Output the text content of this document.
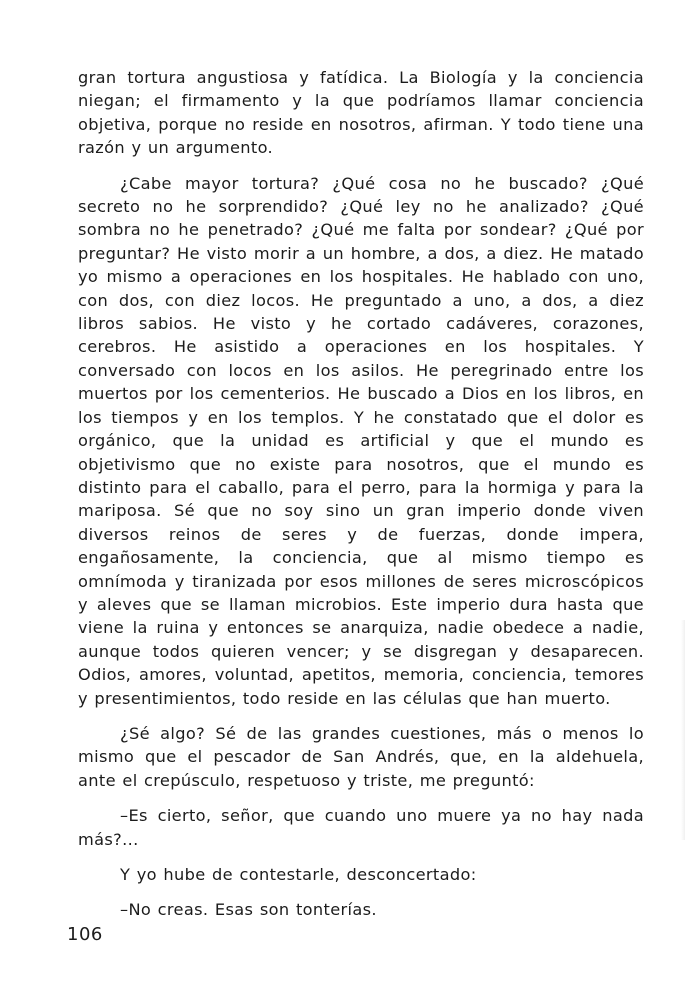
gran tortura angustiosa y fatídica. La Biología y la conciencia niegan; el firmamento y la que podríamos llamar conciencia objetiva, porque no reside en nosotros, afirman. Y todo tiene una razón y un argumento.

¿Cabe mayor tortura? ¿Qué cosa no he buscado? ¿Qué secreto no he sorprendido? ¿Qué ley no he analizado? ¿Qué sombra no he penetrado? ¿Qué me falta por sondear? ¿Qué por preguntar? He visto morir a un hombre, a dos, a diez. He matado yo mismo a operaciones en los hospitales. He hablado con uno, con dos, con diez locos. He preguntado a uno, a dos, a diez libros sabios. He visto y he cortado cadáveres, corazones, cerebros. He asistido a operaciones en los hospitales. Y conversado con locos en los asilos. He peregrinado entre los muertos por los cementerios. He buscado a Dios en los libros, en los tiempos y en los templos. Y he constatado que el dolor es orgánico, que la unidad es artificial y que el mundo es objetivismo que no existe para nosotros, que el mundo es distinto para el caballo, para el perro, para la hormiga y para la mariposa. Sé que no soy sino un gran imperio donde viven diversos reinos de seres y de fuerzas, donde impera, engañosamente, la conciencia, que al mismo tiempo es omnímoda y tiranizada por esos millones de seres microscópicos y aleves que se llaman microbios. Este imperio dura hasta que viene la ruina y entonces se anarquiza, nadie obedece a nadie, aunque todos quieren vencer; y se disgregan y desaparecen. Odios, amores, voluntad, apetitos, memoria, conciencia, temores y presentimientos, todo reside en las células que han muerto.

¿Sé algo? Sé de las grandes cuestiones, más o menos lo mismo que el pescador de San Andrés, que, en la aldehuela, ante el crepúsculo, respetuoso y triste, me preguntó:

–Es cierto, señor, que cuando uno muere ya no hay nada más?...

Y yo hube de contestarle, desconcertado:

–No creas. Esas son tonterías.

106
